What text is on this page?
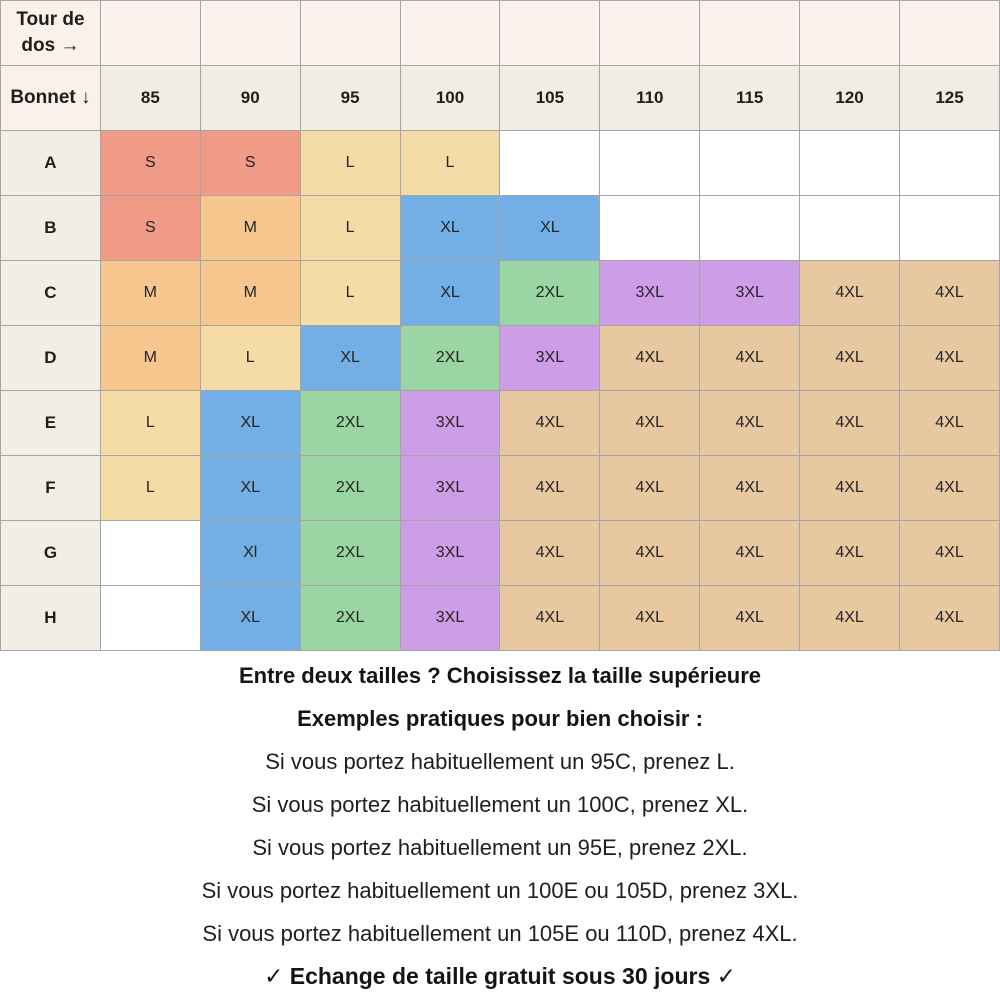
Tour de dos →									
Bonnet ↓	85	90	95	100	105	110	115	120	125
A	S	S	L	L					
B	S	M	L	XL	XL				
C	M	M	L	XL	2XL	3XL	3XL	4XL	4XL
D	M	L	XL	2XL	3XL	4XL	4XL	4XL	4XL
E	L	XL	2XL	3XL	4XL	4XL	4XL	4XL	4XL
F	L	XL	2XL	3XL	4XL	4XL	4XL	4XL	4XL
G		Xl	2XL	3XL	4XL	4XL	4XL	4XL	4XL
H		XL	2XL	3XL	4XL	4XL	4XL	4XL	4XL

Entre deux tailles ? Choisissez la taille supérieure

Exemples pratiques pour bien choisir :

Si vous portez habituellement un 95C, prenez L.

Si vous portez habituellement un 100C, prenez XL.

Si vous portez habituellement un 95E, prenez 2XL.

Si vous portez habituellement un 100E ou 105D, prenez 3XL.

Si vous portez habituellement un 105E ou 110D, prenez 4XL.

✓ Echange de taille gratuit sous 30 jours ✓
